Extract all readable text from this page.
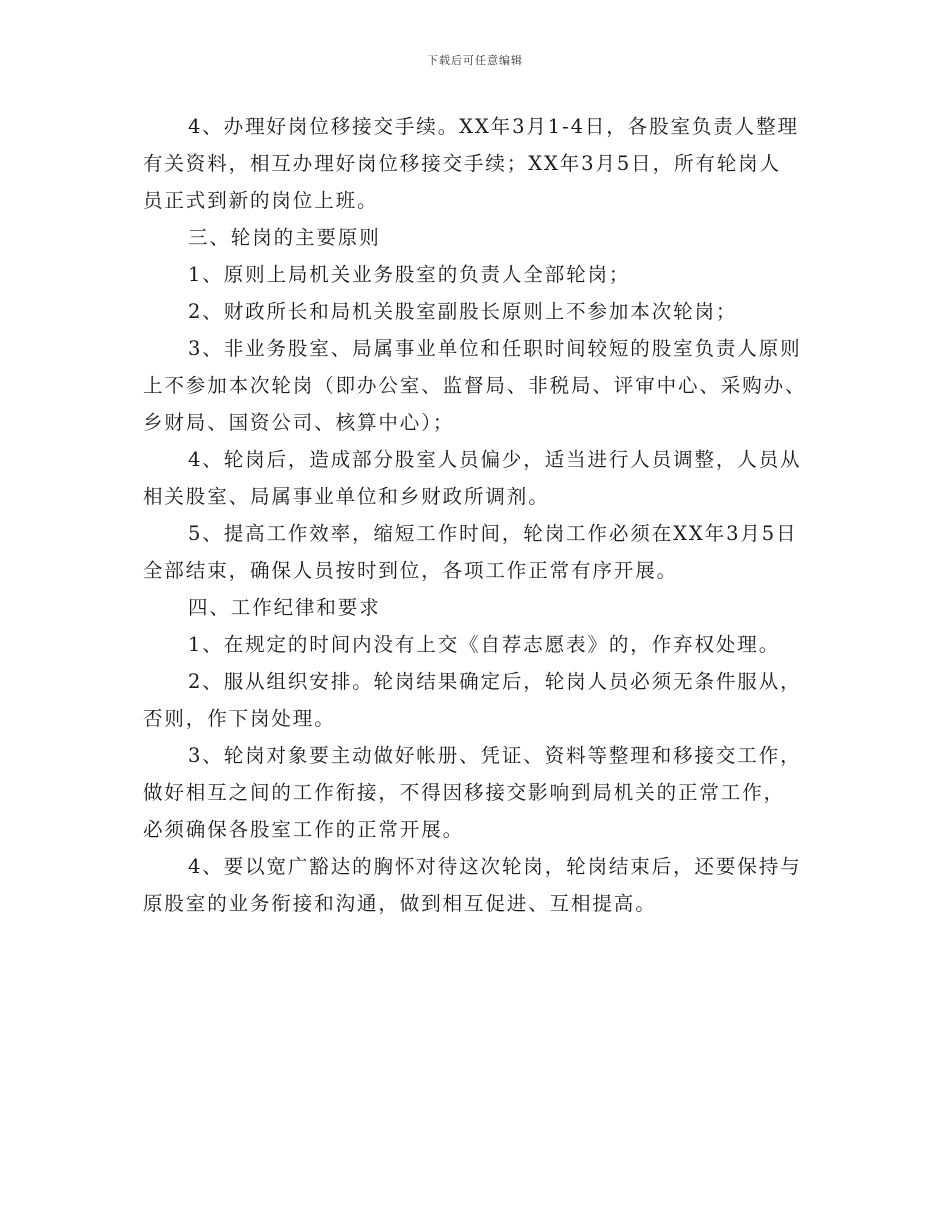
下载后可任意编辑
4、办理好岗位移接交手续。XX年3月1-4日，各股室负责人整理
有关资料，相互办理好岗位移接交手续；XX年3月5日，所有轮岗人
员正式到新的岗位上班。
三、轮岗的主要原则
1、原则上局机关业务股室的负责人全部轮岗；
2、财政所长和局机关股室副股长原则上不参加本次轮岗；
3、非业务股室、局属事业单位和任职时间较短的股室负责人原则
上不参加本次轮岗（即办公室、监督局、非税局、评审中心、采购办、
乡财局、国资公司、核算中心）；
4、轮岗后，造成部分股室人员偏少，适当进行人员调整，人员从
相关股室、局属事业单位和乡财政所调剂。
5、提高工作效率，缩短工作时间，轮岗工作必须在XX年3月5日
全部结束，确保人员按时到位，各项工作正常有序开展。
四、工作纪律和要求
1、在规定的时间内没有上交《自荐志愿表》的，作弃权处理。
2、服从组织安排。轮岗结果确定后，轮岗人员必须无条件服从，
否则，作下岗处理。
3、轮岗对象要主动做好帐册、凭证、资料等整理和移接交工作，
做好相互之间的工作衔接，不得因移接交影响到局机关的正常工作，
必须确保各股室工作的正常开展。
4、要以宽广豁达的胸怀对待这次轮岗，轮岗结束后，还要保持与
原股室的业务衔接和沟通，做到相互促进、互相提高。
